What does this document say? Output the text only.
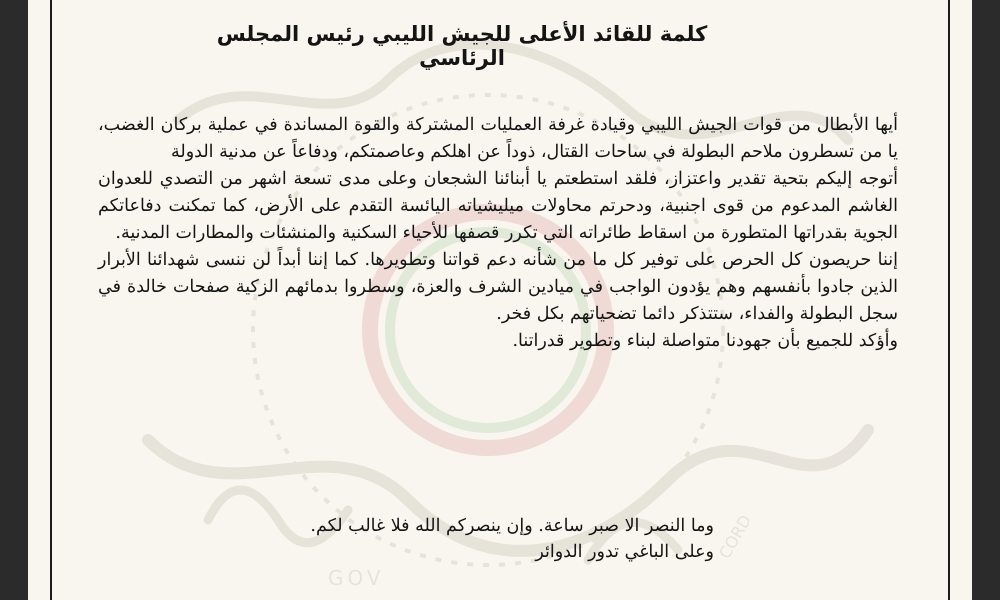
GOV
CORD
كلمة للقائد الأعلى للجيش الليبي رئيس المجلس الرئاسي

أيها الأبطال من قوات الجيش الليبي وقيادة غرفة العمليات المشتركة والقوة المساندة في عملية بركان الغضب، يا من تسطرون ملاحم البطولة في ساحات القتال، ذوداً عن اهلكم وعاصمتكم، ودفاعاً عن مدنية الدولة

أتوجه إليكم بتحية تقدير واعتزاز، فلقد استطعتم يا أبنائنا الشجعان وعلى مدى تسعة اشهر من التصدي للعدوان الغاشم المدعوم من قوى اجنبية، ودحرتم محاولات ميليشياته اليائسة التقدم على الأرض، كما تمكنت دفاعاتكم الجوية بقدراتها المتطورة من اسقاط طائراته التي تكرر قصفها للأحياء السكنية والمنشئات والمطارات المدنية.

إننا حريصون كل الحرص على توفير كل ما من شأنه دعم قواتنا وتطويرها. كما إننا أبداً لن ننسى شهدائنا الأبرار الذين جادوا بأنفسهم وهم يؤدون الواجب في ميادين الشرف والعزة، وسطروا بدمائهم الزكية صفحات خالدة في سجل البطولة والفداء، ستتذكر دائما تضحياتهم بكل فخر.

وأؤكد للجميع بأن جهودنا متواصلة لبناء وتطوير قدراتنا.

وما النصر الا صبر ساعة. وإن ينصركم الله فلا غالب لكم.

وعلى الباغي تدور الدوائر
